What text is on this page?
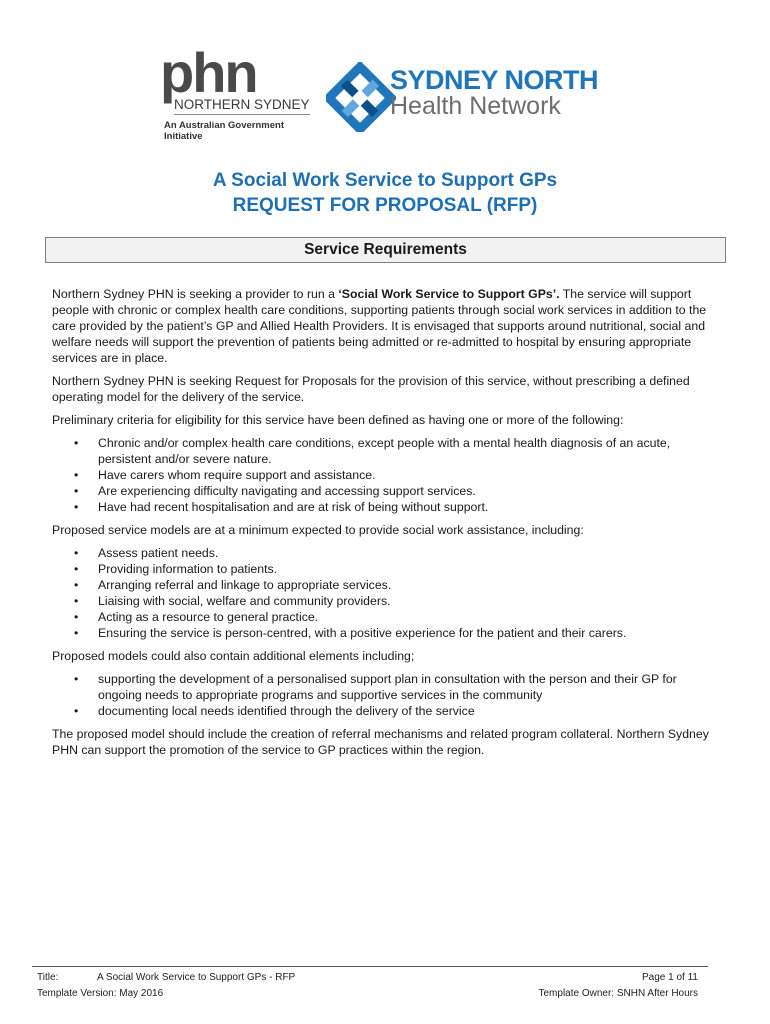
phn
NORTHERN SYDNEY
An Australian Government Initiative
SYDNEY NORTH
Health Network
A Social Work Service to Support GPs
REQUEST FOR PROPOSAL (RFP)
Service Requirements

Northern Sydney PHN is seeking a provider to run a ‘Social Work Service to Support GPs’. The service will support people with chronic or complex health care conditions, supporting patients through social work services in addition to the care provided by the patient’s GP and Allied Health Providers. It is envisaged that supports around nutritional, social and welfare needs will support the prevention of patients being admitted or re-admitted to hospital by ensuring appropriate services are in place.

Northern Sydney PHN is seeking Request for Proposals for the provision of this service, without prescribing a defined operating model for the delivery of the service.

Preliminary criteria for eligibility for this service have been defined as having one or more of the following:

• Chronic and/or complex health care conditions, except people with a mental health diagnosis of an acute, persistent and/or severe nature.
• Have carers whom require support and assistance.
• Are experiencing difficulty navigating and accessing support services.
• Have had recent hospitalisation and are at risk of being without support.

Proposed service models are at a minimum expected to provide social work assistance, including:

• Assess patient needs.
• Providing information to patients.
• Arranging referral and linkage to appropriate services.
• Liaising with social, welfare and community providers.
• Acting as a resource to general practice.
• Ensuring the service is person-centred, with a positive experience for the patient and their carers.

Proposed models could also contain additional elements including;

• supporting the development of a personalised support plan in consultation with the person and their GP for ongoing needs to appropriate programs and supportive services in the community
• documenting local needs identified through the delivery of the service

The proposed model should include the creation of referral mechanisms and related program collateral. Northern Sydney PHN can support the promotion of the service to GP practices within the region.

Title:	A Social Work Service to Support GPs - RFP
Template Version: May 2016
Page 1 of 11
Template Owner: SNHN After Hours
